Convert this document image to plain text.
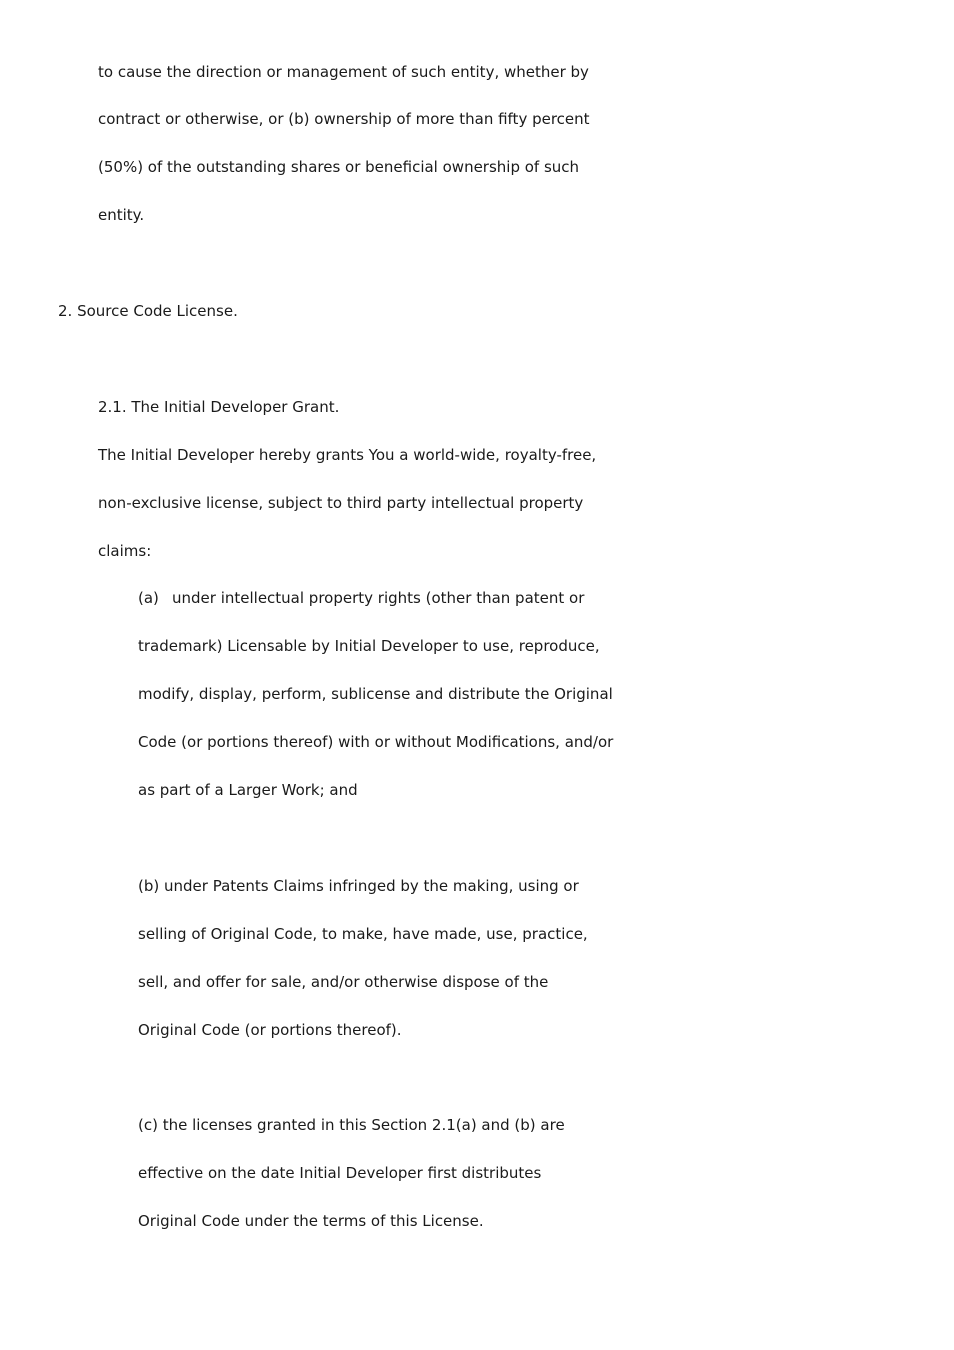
to cause the direction or management of such entity, whether by
contract or otherwise, or (b) ownership of more than fifty percent
(50%) of the outstanding shares or beneficial ownership of such
entity.
2. Source Code License.
2.1. The Initial Developer Grant.
The Initial Developer hereby grants You a world-wide, royalty-free,
non-exclusive license, subject to third party intellectual property
claims:
(a) under intellectual property rights (other than patent or
trademark) Licensable by Initial Developer to use, reproduce,
modify, display, perform, sublicense and distribute the Original
Code (or portions thereof) with or without Modifications, and/or
as part of a Larger Work; and
(b) under Patents Claims infringed by the making, using or
selling of Original Code, to make, have made, use, practice,
sell, and offer for sale, and/or otherwise dispose of the
Original Code (or portions thereof).
(c) the licenses granted in this Section 2.1(a) and (b) are
effective on the date Initial Developer first distributes
Original Code under the terms of this License.
